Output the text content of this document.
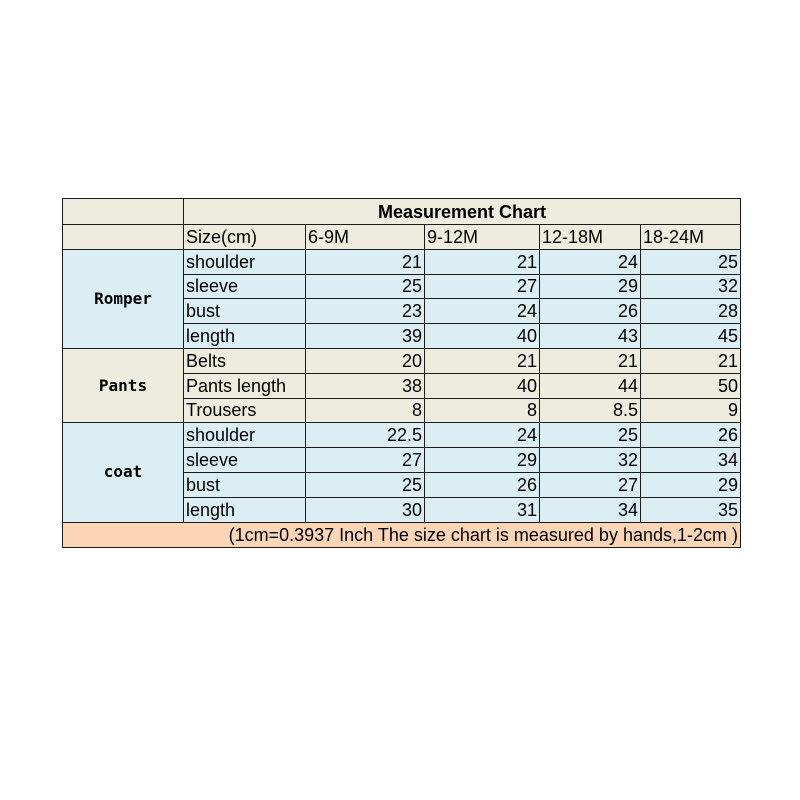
	Measurement Chart				
	Size(cm)	6-9M	9-12M	12-18M	18-24M
Romper	shoulder	21	21	24	25
	sleeve	25	27	29	32
	bust	23	24	26	28
	length	39	40	43	45
Pants	Belts	20	21	21	21
	Pants length	38	40	44	50
	Trousers	8	8	8.5	9
coat	shoulder	22.5	24	25	26
	sleeve	27	29	32	34
	bust	25	26	27	29
	length	30	31	34	35
(1cm=0.3937 Inch The size chart is measured by hands,1-2cm )					
